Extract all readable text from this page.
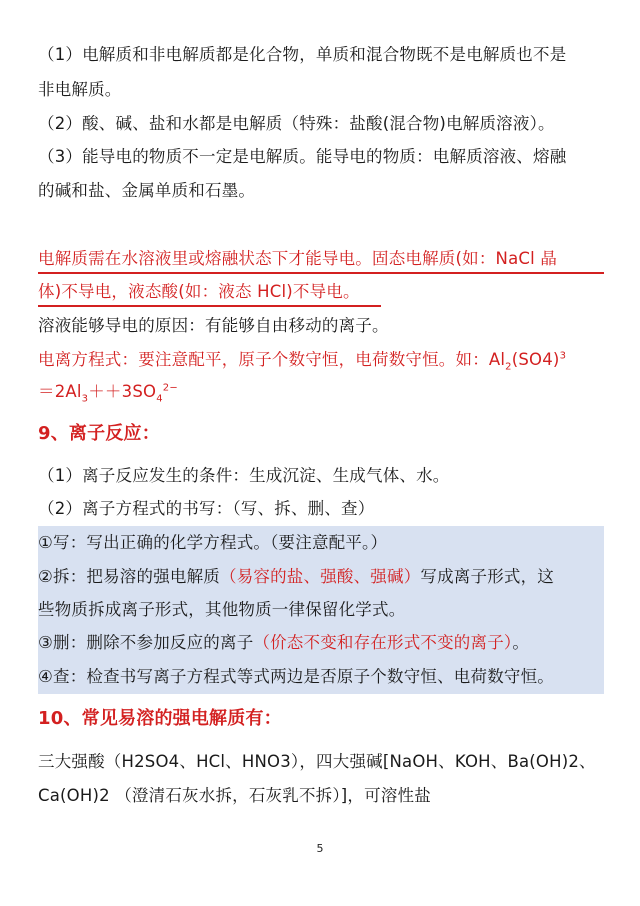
（1）电解质和非电解质都是化合物，单质和混合物既不是电解质也不是
非电解质。
（2）酸、碱、盐和水都是电解质（特殊：盐酸(混合物)电解质溶液）。
（3）能导电的物质不一定是电解质。能导电的物质：电解质溶液、熔融
的碱和盐、金属单质和石墨。
电解质需在水溶液里或熔融状态下才能导电。固态电解质(如：NaCl 晶
体)不导电，液态酸(如：液态 HCl)不导电。
溶液能够导电的原因：有能够自由移动的离子。
电离方程式：要注意配平，原子个数守恒，电荷数守恒。如：$Al_2(SO4)^3$
$=2Al_3++3SO_4^{2-}$
9、离子反应：
（1）离子反应发生的条件：生成沉淀、生成气体、水。
（2）离子方程式的书写：（写、拆、删、查）
①写：写出正确的化学方程式。（要注意配平。）
②拆：把易溶的强电解质（易容的盐、强酸、强碱）写成离子形式，这
些物质拆成离子形式，其他物质一律保留化学式。
③删：删除不参加反应的离子（价态不变和存在形式不变的离子）。
④查：检查书写离子方程式等式两边是否原子个数守恒、电荷数守恒。
10、常见易溶的强电解质有：
三大强酸（H2SO4、HCl、HNO3），四大强碱[NaOH、KOH、Ba(OH)2、
Ca(OH)2 （澄清石灰水拆，石灰乳不拆）]，可溶性盐
5
